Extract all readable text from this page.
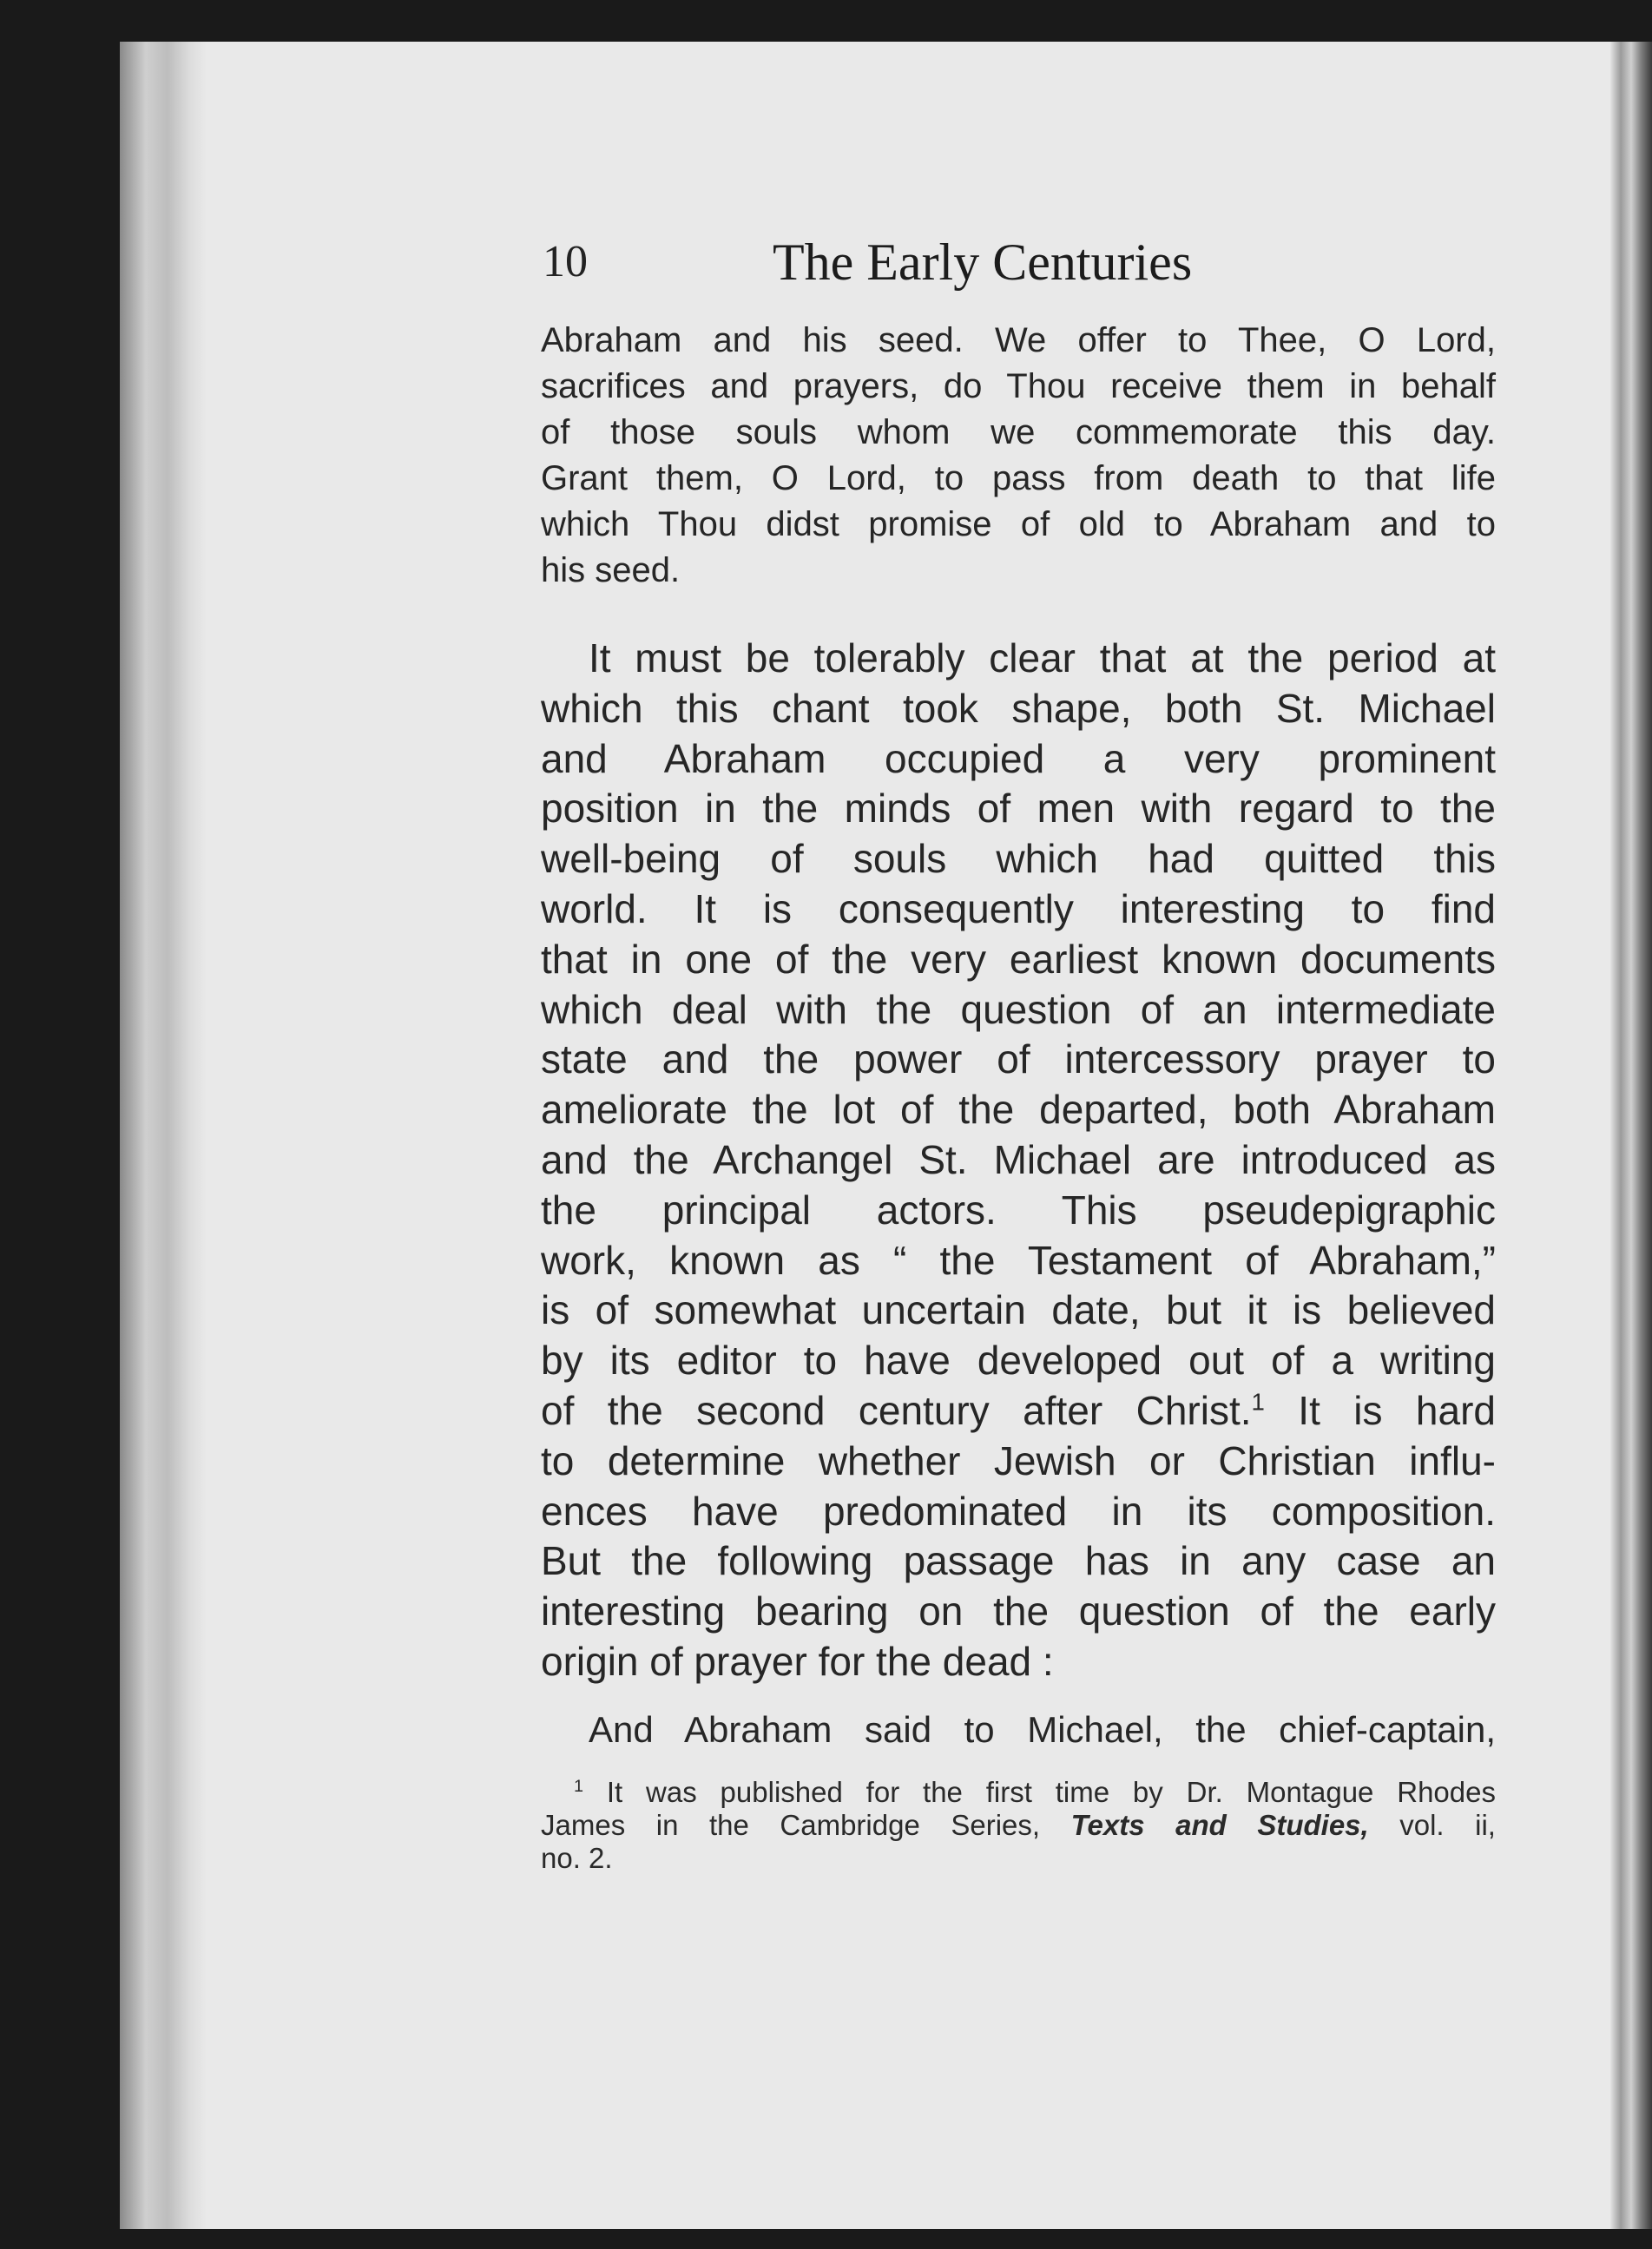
10	The Early Centuries

Abraham and his seed. We offer to Thee, O Lord,
sacrifices and prayers, do Thou receive them in behalf
of those souls whom we commemorate this day.
Grant them, O Lord, to pass from death to that life
which Thou didst promise of old to Abraham and to
his seed.

It must be tolerably clear that at the period at
which this chant took shape, both St. Michael
and Abraham occupied a very prominent
position in the minds of men with regard to the
well-being of souls which had quitted this
world. It is consequently interesting to find
that in one of the very earliest known documents
which deal with the question of an intermediate
state and the power of intercessory prayer to
ameliorate the lot of the departed, both Abraham
and the Archangel St. Michael are introduced as
the principal actors. This pseudepigraphic
work, known as “ the Testament of Abraham,”
is of somewhat uncertain date, but it is believed
by its editor to have developed out of a writing
of the second century after Christ.$^1$ It is hard
to determine whether Jewish or Christian influ-
ences have predominated in its composition.
But the following passage has in any case an
interesting bearing on the question of the early
origin of prayer for the dead :

And Abraham said to Michael, the chief-captain,

$^1$ It was published for the first time by Dr. Montague Rhodes
James in the Cambridge Series, Texts and Studies, vol. ii,
no. 2.
